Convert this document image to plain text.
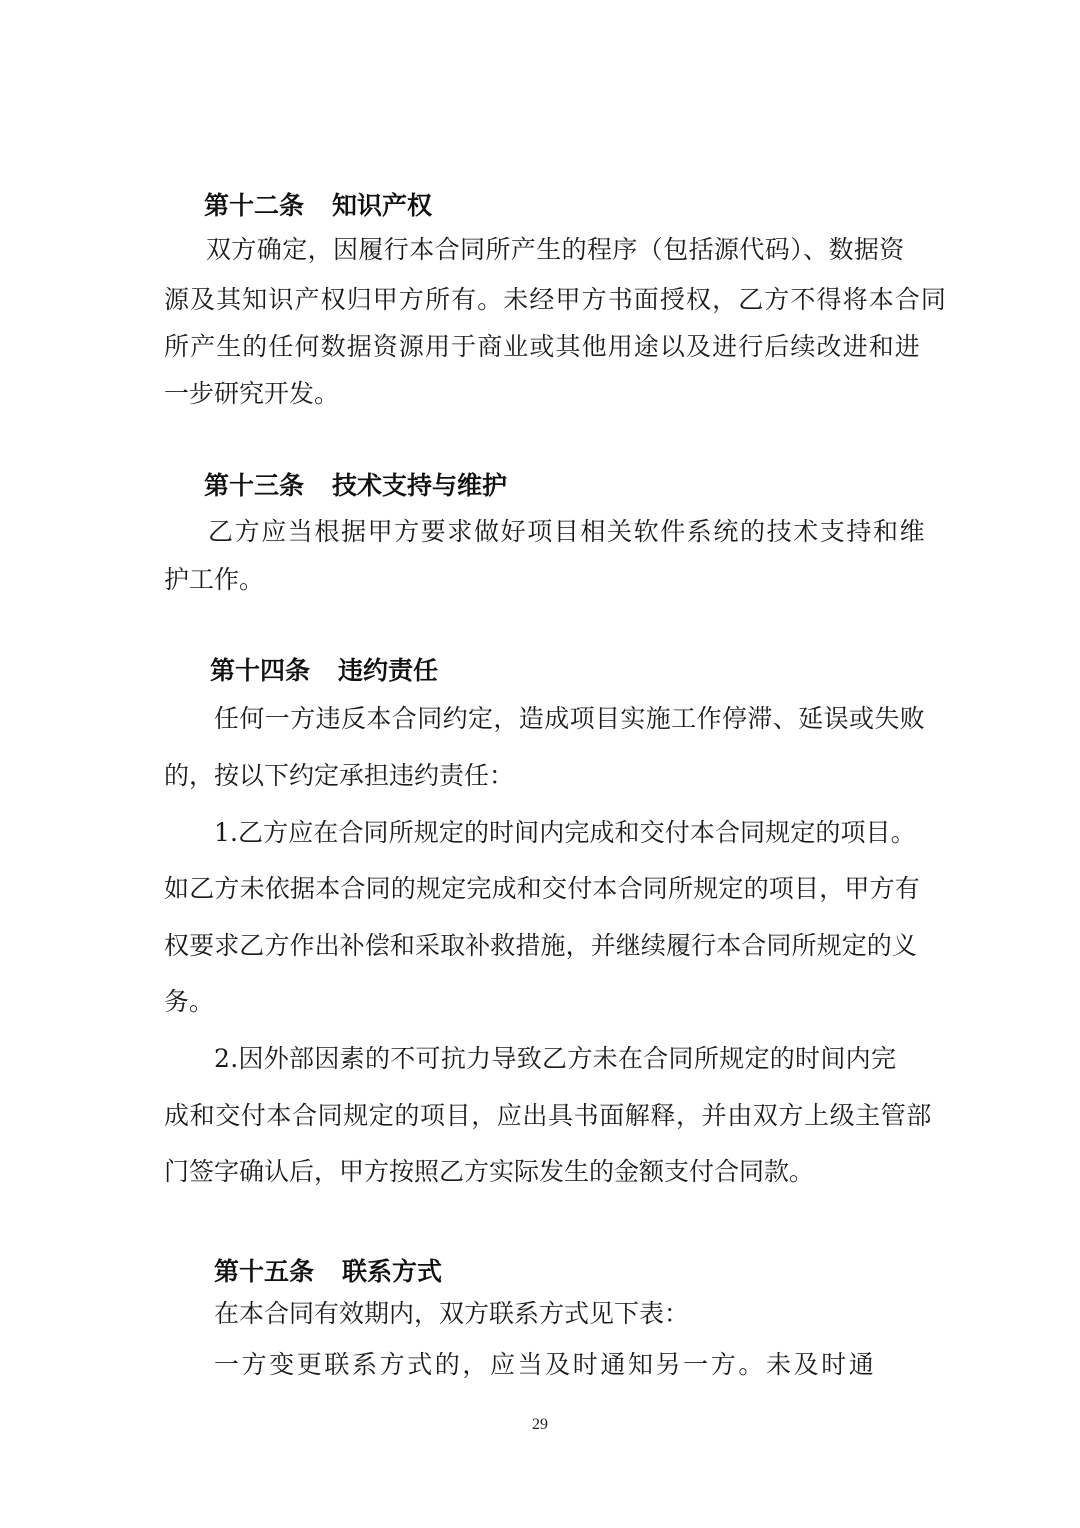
第十二条 知识产权
双方确定，因履行本合同所产生的程序（包括源代码）、数据资
源及其知识产权归甲方所有。未经甲方书面授权，乙方不得将本合同
所产生的任何数据资源用于商业或其他用途以及进行后续改进和进
一步研究开发。
第十三条 技术支持与维护
乙方应当根据甲方要求做好项目相关软件系统的技术支持和维
护工作。
第十四条 违约责任
任何一方违反本合同约定，造成项目实施工作停滞、延误或失败
的，按以下约定承担违约责任：
1.乙方应在合同所规定的时间内完成和交付本合同规定的项目。
如乙方未依据本合同的规定完成和交付本合同所规定的项目，甲方有
权要求乙方作出补偿和采取补救措施，并继续履行本合同所规定的义
务。
2.因外部因素的不可抗力导致乙方未在合同所规定的时间内完
成和交付本合同规定的项目，应出具书面解释，并由双方上级主管部
门签字确认后，甲方按照乙方实际发生的金额支付合同款。
第十五条 联系方式
在本合同有效期内，双方联系方式见下表：
一方变更联系方式的，应当及时通知另一方。未及时通
29
